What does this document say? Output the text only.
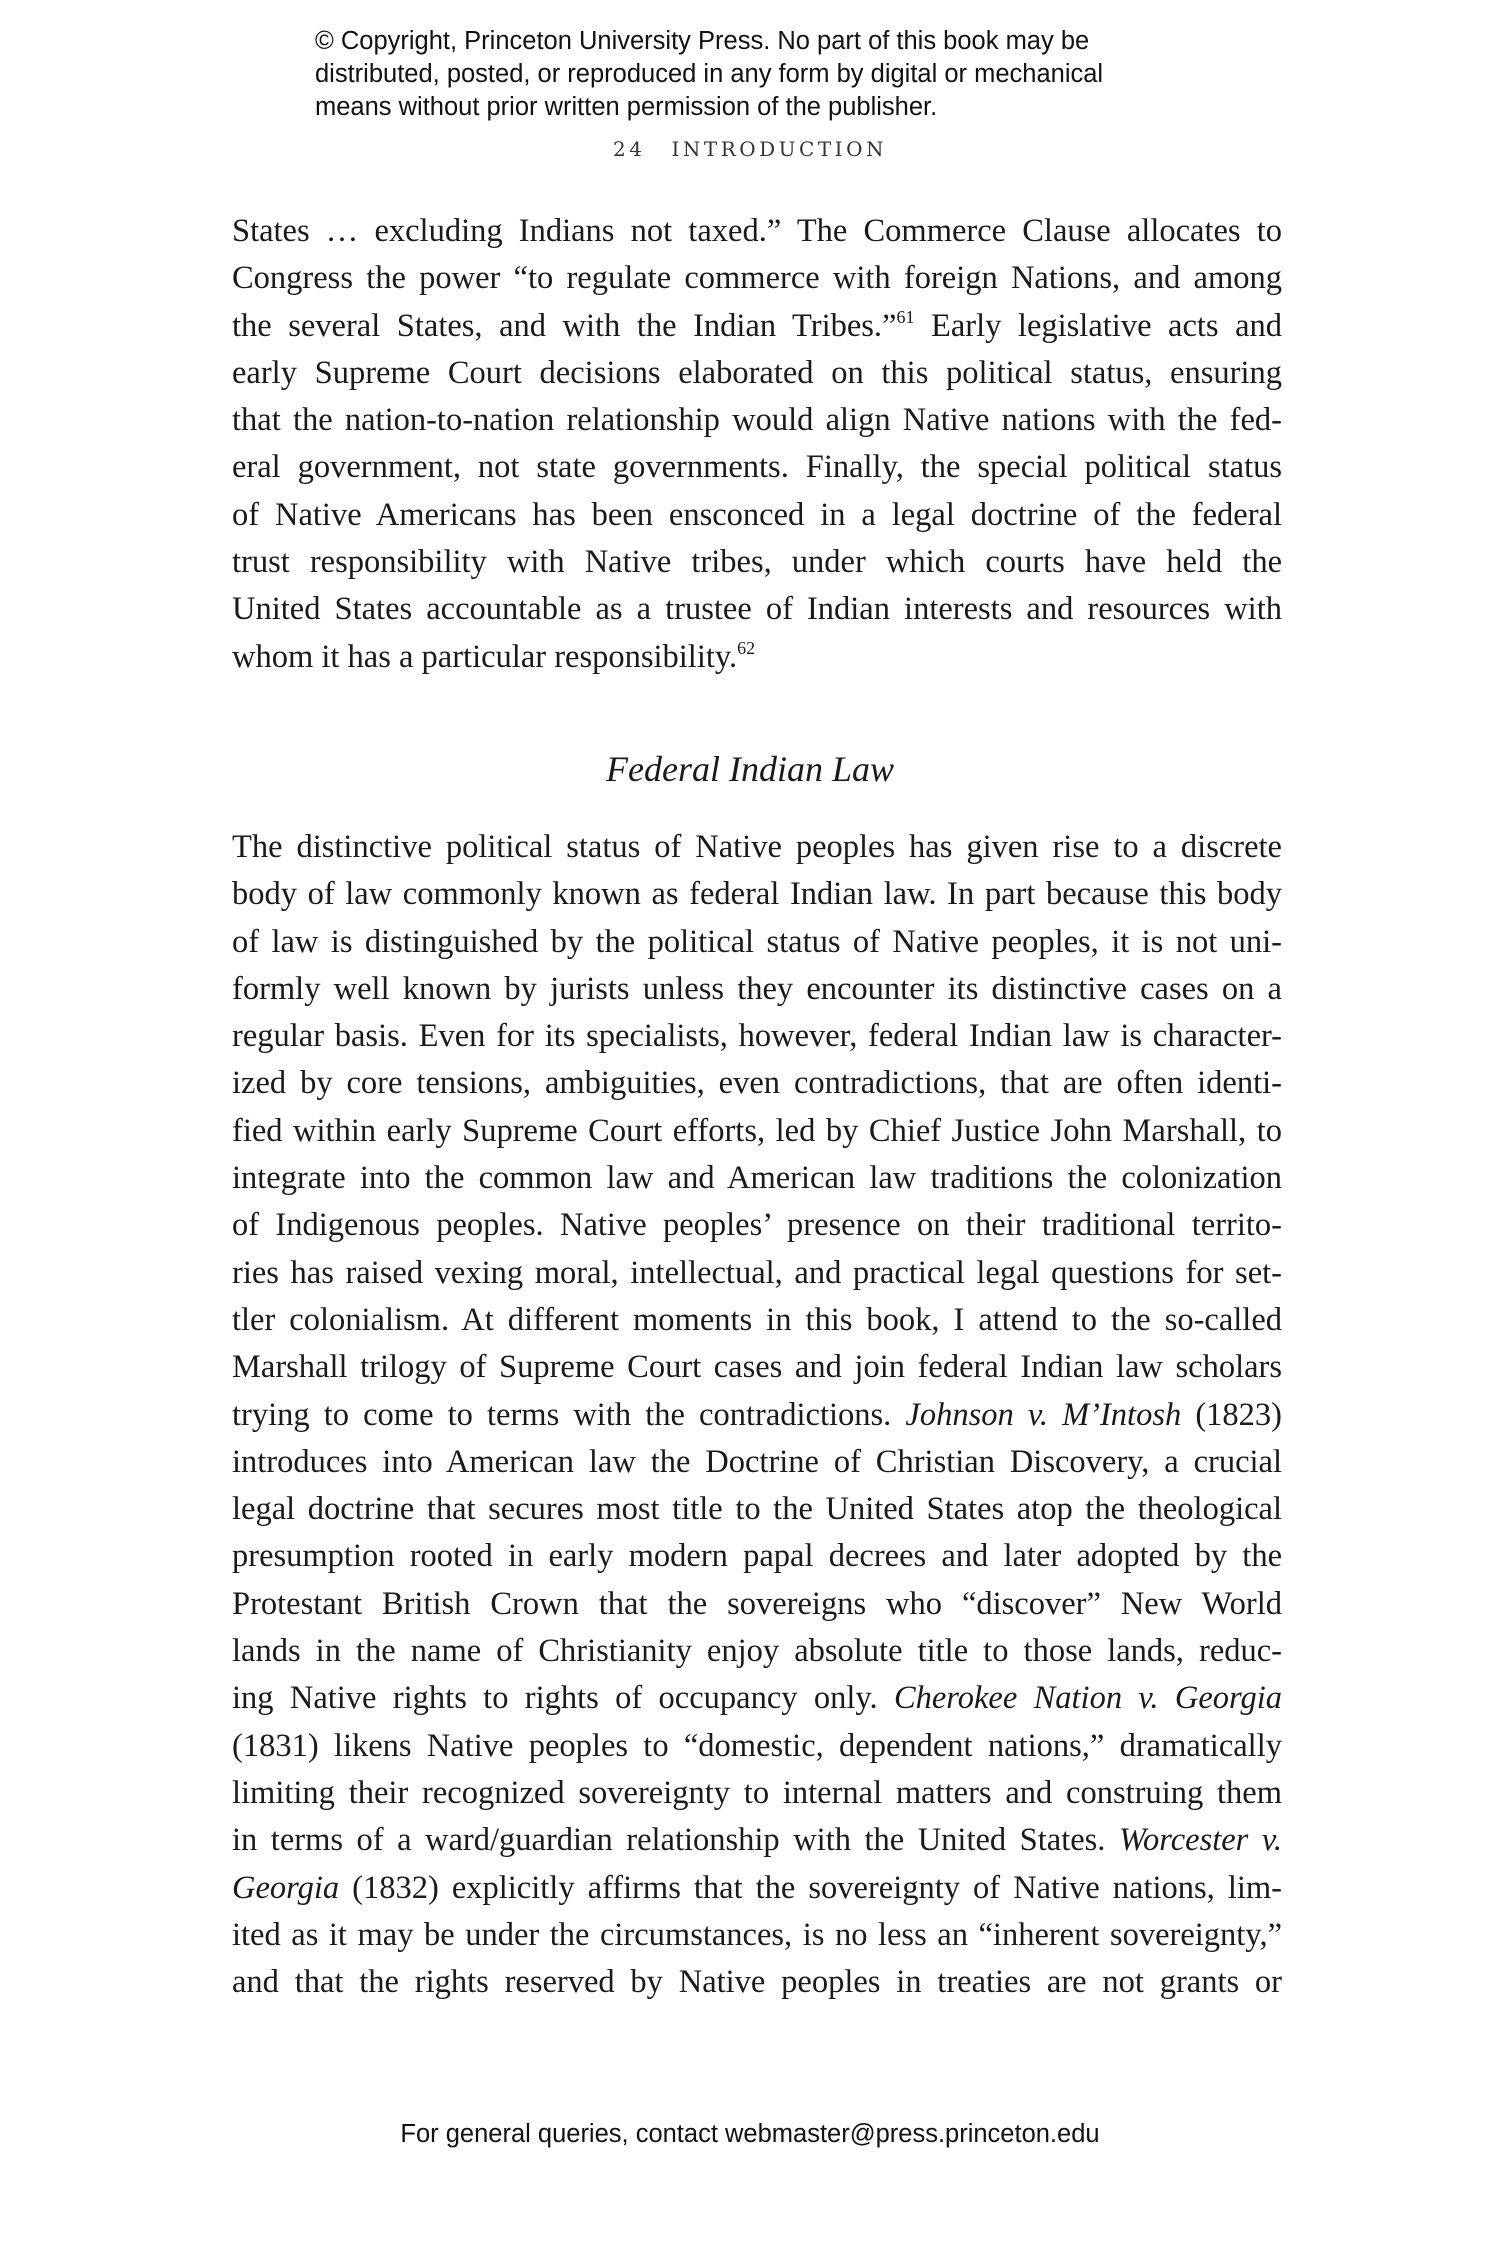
© Copyright, Princeton University Press. No part of this book may be
distributed, posted, or reproduced in any form by digital or mechanical
means without prior written permission of the publisher.
24 INTRODUCTION
States … excluding Indians not taxed.” The Commerce Clause allocates to
Congress the power “to regulate commerce with foreign Nations, and among
the several States, and with the Indian Tribes.”$^{61}$ Early legislative acts and
early Supreme Court decisions elaborated on this political status, ensuring
that the nation-to-nation relationship would align Native nations with the fed-
eral government, not state governments. Finally, the special political status
of Native Americans has been ensconced in a legal doctrine of the federal
trust responsibility with Native tribes, under which courts have held the
United States accountable as a trustee of Indian interests and resources with
whom it has a particular responsibility.$^{62}$
Federal Indian Law
The distinctive political status of Native peoples has given rise to a discrete
body of law commonly known as federal Indian law. In part because this body
of law is distinguished by the political status of Native peoples, it is not uni-
formly well known by jurists unless they encounter its distinctive cases on a
regular basis. Even for its specialists, however, federal Indian law is character-
ized by core tensions, ambiguities, even contradictions, that are often identi-
fied within early Supreme Court efforts, led by Chief Justice John Marshall, to
integrate into the common law and American law traditions the colonization
of Indigenous peoples. Native peoples’ presence on their traditional territo-
ries has raised vexing moral, intellectual, and practical legal questions for set-
tler colonialism. At different moments in this book, I attend to the so-called
Marshall trilogy of Supreme Court cases and join federal Indian law scholars
trying to come to terms with the contradictions. Johnson v. M’Intosh (1823)
introduces into American law the Doctrine of Christian Discovery, a crucial
legal doctrine that secures most title to the United States atop the theological
presumption rooted in early modern papal decrees and later adopted by the
Protestant British Crown that the sovereigns who “discover” New World
lands in the name of Christianity enjoy absolute title to those lands, reduc-
ing Native rights to rights of occupancy only. Cherokee Nation v. Georgia
(1831) likens Native peoples to “domestic, dependent nations,” dramatically
limiting their recognized sovereignty to internal matters and construing them
in terms of a ward/guardian relationship with the United States. Worcester v.
Georgia (1832) explicitly affirms that the sovereignty of Native nations, lim-
ited as it may be under the circumstances, is no less an “inherent sovereignty,”
and that the rights reserved by Native peoples in treaties are not grants or
For general queries, contact webmaster@press.princeton.edu
